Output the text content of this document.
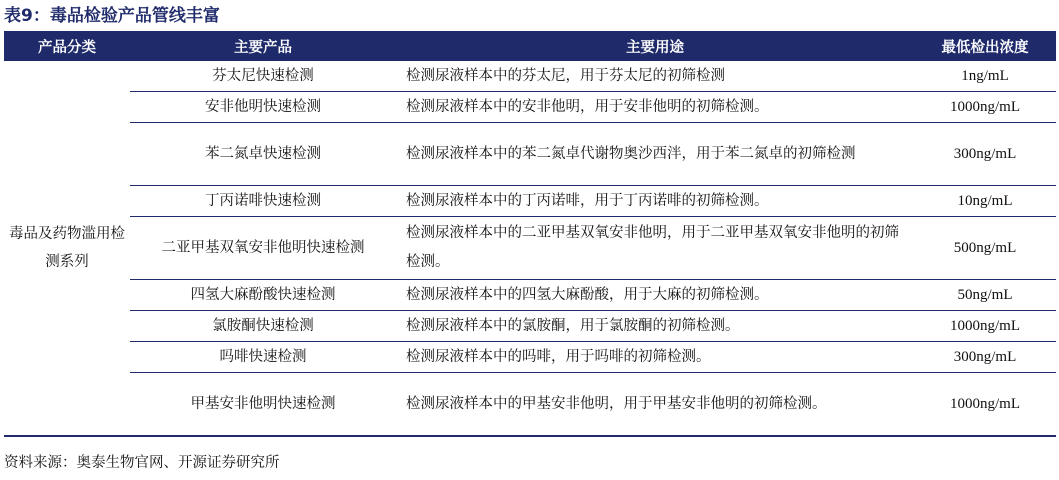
表9：毒品检验产品管线丰富
产品分类	主要产品	主要用途	最低检出浓度
毒品及药物滥用检测系列	芬太尼快速检测	检测尿液样本中的芬太尼，用于芬太尼的初筛检测	1ng/mL
	安非他明快速检测	检测尿液样本中的安非他明，用于安非他明的初筛检测。	1000ng/mL
	苯二氮卓快速检测	检测尿液样本中的苯二氮卓代谢物奥沙西泮，用于苯二氮卓的初筛检测	300ng/mL
	丁丙诺啡快速检测	检测尿液样本中的丁丙诺啡，用于丁丙诺啡的初筛检测。	10ng/mL
	二亚甲基双氧安非他明快速检测	检测尿液样本中的二亚甲基双氧安非他明，用于二亚甲基双氧安非他明的初筛检测。	500ng/mL
	四氢大麻酚酸快速检测	检测尿液样本中的四氢大麻酚酸，用于大麻的初筛检测。	50ng/mL
	氯胺酮快速检测	检测尿液样本中的氯胺酮，用于氯胺酮的初筛检测。	1000ng/mL
	吗啡快速检测	检测尿液样本中的吗啡，用于吗啡的初筛检测。	300ng/mL
	甲基安非他明快速检测	检测尿液样本中的甲基安非他明，用于甲基安非他明的初筛检测。	1000ng/mL
资料来源：奥泰生物官网、开源证券研究所
